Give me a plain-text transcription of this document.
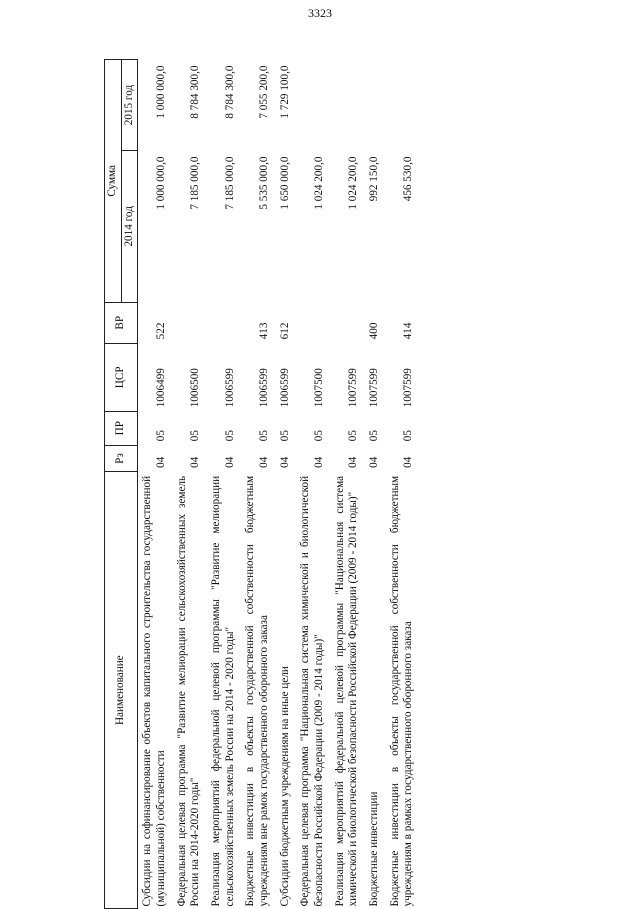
3323
Наименование	Рз	ПР	ЦСР	ВР	Сумма	
					2014 год	2015 год
Субсидии на софинансирование объектов капитального строительства государственной (муниципальной) собственности	04	05	1006499	522	1 000 000,0	1 000 000,0
Федеральная целевая программа "Развитие мелиорации сельскохозяйственных земель России на 2014-2020 годы"	04	05	1006500		7 185 000,0	8 784 300,0
Реализация мероприятий федеральной целевой программы "Развитие мелиорации сельскохозяйственных земель России на 2014 - 2020 годы"	04	05	1006599		7 185 000,0	8 784 300,0
Бюджетные инвестиции в объекты государственной собственности бюджетным учреждениям вне рамок государственного оборонного заказа	04	05	1006599	413	5 535 000,0	7 055 200,0
Субсидии бюджетным учреждениям на иные цели	04	05	1006599	612	1 650 000,0	1 729 100,0
Федеральная целевая программа "Национальная система химической и биологической безопасности Российской Федерации (2009 - 2014 годы)"	04	05	1007500		1 024 200,0	
Реализация мероприятий федеральной целевой программы "Национальная система химической и биологической безопасности Российской Федерации (2009 - 2014 годы)"	04	05	1007599		1 024 200,0	
Бюджетные инвестиции	04	05	1007599	400	992 150,0	
Бюджетные инвестиции в объекты государственной собственности бюджетным учреждениям в рамках государственного оборонного заказа	04	05	1007599	414	456 530,0	
